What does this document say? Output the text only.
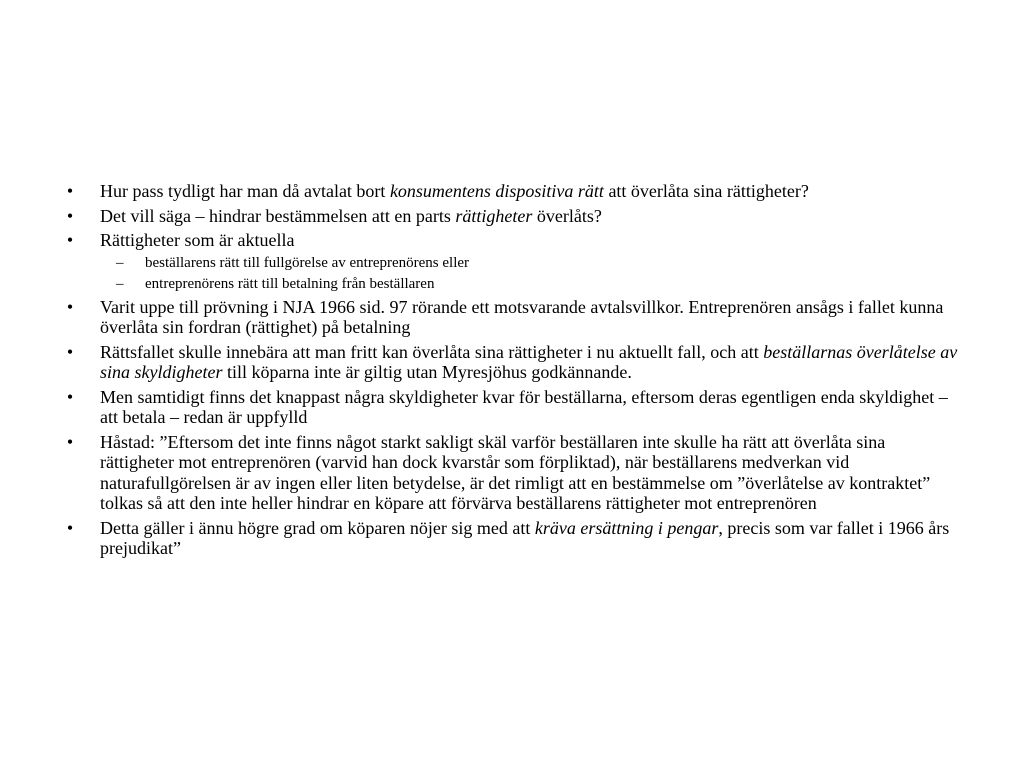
•	Hur pass tydligt har man då avtalat bort konsumentens dispositiva rätt att överlåta sina rättigheter?
•	Det vill säga – hindrar bestämmelsen att en parts rättigheter överlåts?
•	Rättigheter som är aktuella
– beställarens rätt till fullgörelse av entreprenörens eller
– entreprenörens rätt till betalning från beställaren
•	Varit uppe till prövning i NJA 1966 sid. 97 rörande ett motsvarande avtalsvillkor. Entreprenören ansågs i fallet kunna överlåta sin fordran (rättighet) på betalning
•	Rättsfallet skulle innebära att man fritt kan överlåta sina rättigheter i nu aktuellt fall, och att beställarnas överlåtelse av sina skyldigheter till köparna inte är giltig utan Myresjöhus godkännande.
•	Men samtidigt finns det knappast några skyldigheter kvar för beställarna, eftersom deras egentligen enda skyldighet – att betala – redan är uppfylld
•	Håstad: ”Eftersom det inte finns något starkt sakligt skäl varför beställaren inte skulle ha rätt att överlåta sina rättigheter mot entreprenören (varvid han dock kvarstår som förpliktad), när beställarens medverkan vid naturafullgörelsen är av ingen eller liten betydelse, är det rimligt att en bestämmelse om ”överlåtelse av kontraktet” tolkas så att den inte heller hindrar en köpare att förvärva beställarens rättigheter mot entreprenören
•	Detta gäller i ännu högre grad om köparen nöjer sig med att kräva ersättning i pengar, precis som var fallet i 1966 års prejudikat”
